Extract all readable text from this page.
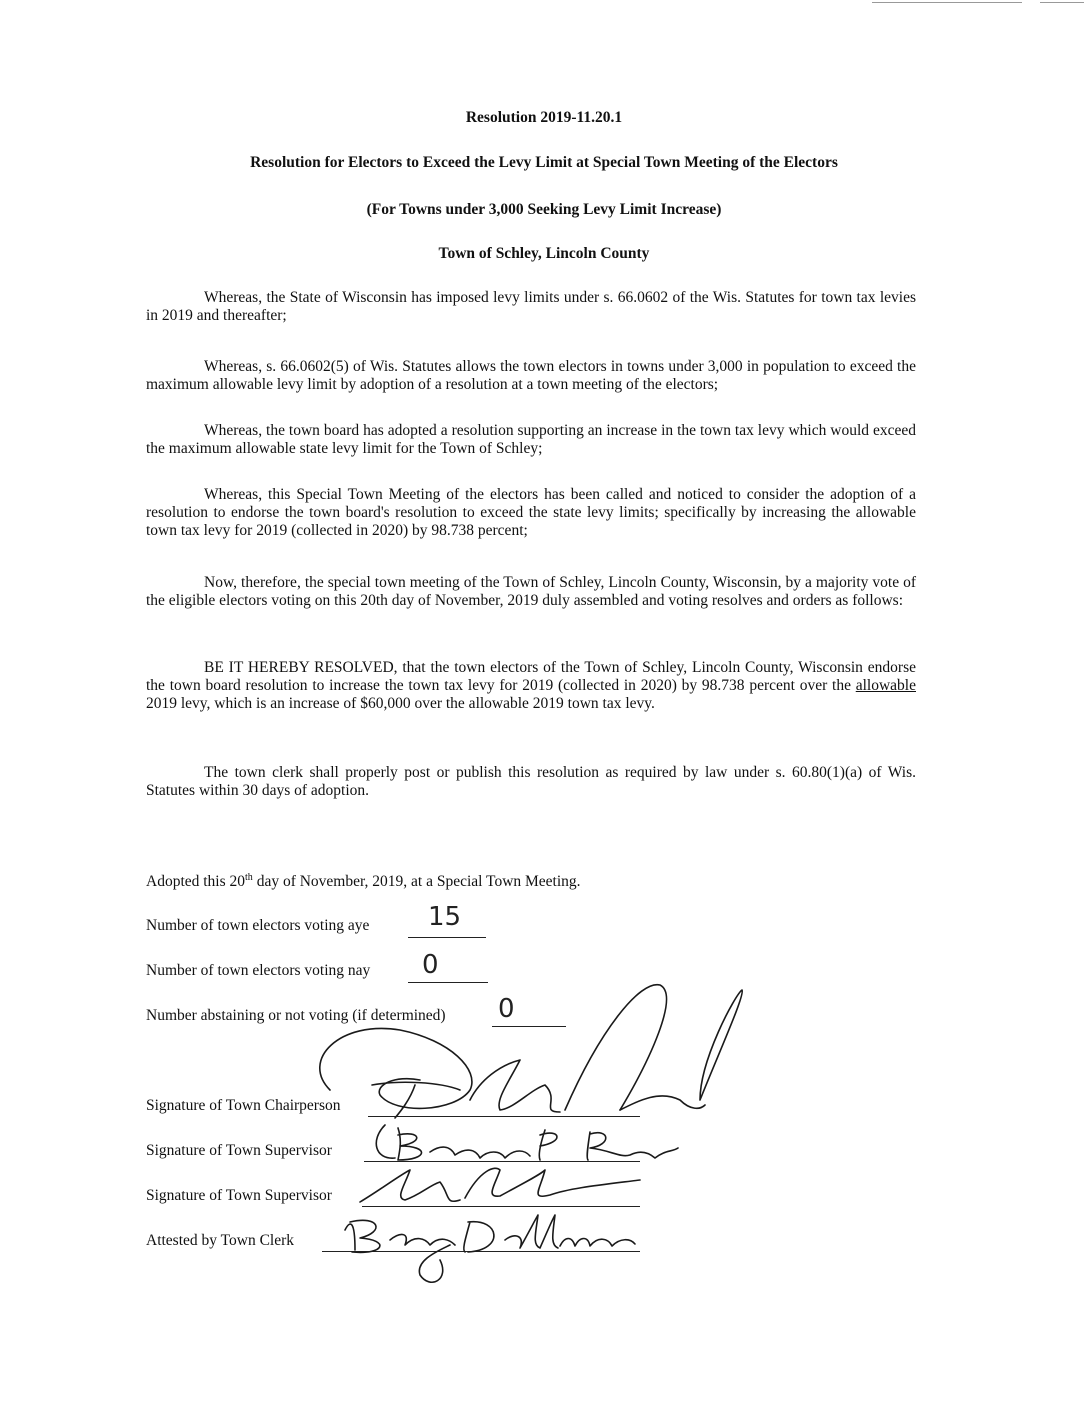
Resolution 2019-11.20.1
Resolution for Electors to Exceed the Levy Limit at Special Town Meeting of the Electors
(For Towns under 3,000 Seeking Levy Limit Increase)
Town of Schley, Lincoln County
Whereas, the State of Wisconsin has imposed levy limits under s. 66.0602 of the Wis. Statutes for town tax levies in 2019 and thereafter;
Whereas, s. 66.0602(5) of Wis. Statutes allows the town electors in towns under 3,000 in population to exceed the maximum allowable levy limit by adoption of a resolution at a town meeting of the electors;
Whereas, the town board has adopted a resolution supporting an increase in the town tax levy which would exceed the maximum allowable state levy limit for the Town of Schley;
Whereas, this Special Town Meeting of the electors has been called and noticed to consider the adoption of a resolution to endorse the town board's resolution to exceed the state levy limits; specifically by increasing the allowable town tax levy for 2019 (collected in 2020) by 98.738 percent;
Now, therefore, the special town meeting of the Town of Schley, Lincoln County, Wisconsin, by a majority vote of the eligible electors voting on this 20th day of November, 2019 duly assembled and voting resolves and orders as follows:
BE IT HEREBY RESOLVED, that the town electors of the Town of Schley, Lincoln County, Wisconsin endorse the town board resolution to increase the town tax levy for 2019 (collected in 2020) by 98.738 percent over the allowable 2019 levy, which is an increase of $60,000 over the allowable 2019 town tax levy.
The town clerk shall properly post or publish this resolution as required by law under s. 60.80(1)(a) of Wis. Statutes within 30 days of adoption.
Adopted this 20th day of November, 2019, at a Special Town Meeting.
Number of town electors voting aye 15
Number of town electors voting nay 0
Number abstaining or not voting (if determined) 0
Signature of Town Chairperson
Signature of Town Supervisor
Signature of Town Supervisor
Attested by Town Clerk
